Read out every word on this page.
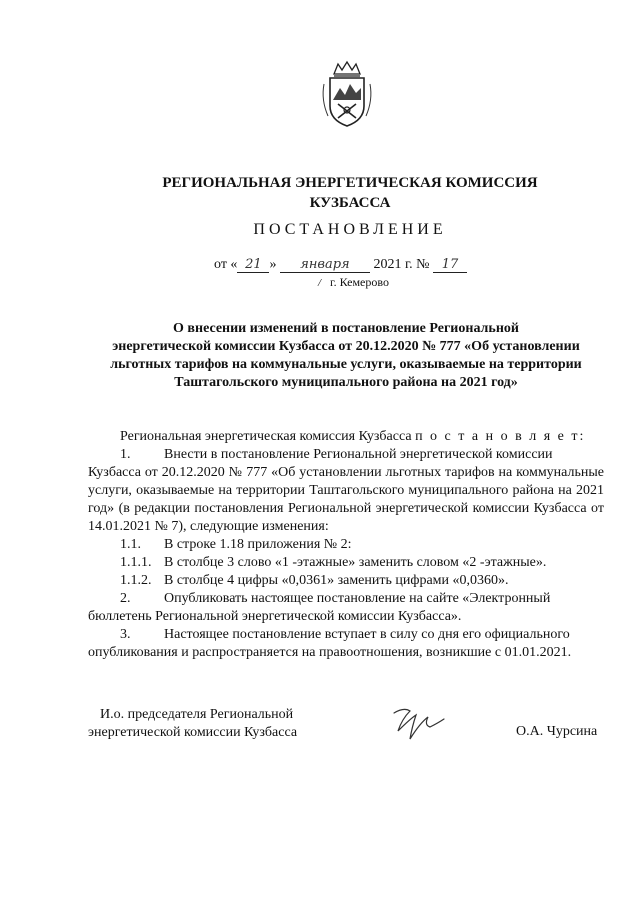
РЕГИОНАЛЬНАЯ ЭНЕРГЕТИЧЕСКАЯ КОМИССИЯ
КУЗБАССА
ПОСТАНОВЛЕНИЕ
от « 21 » января 2021 г. № 17
/ г. Кемерово
О внесении изменений в постановление Региональной
энергетической комиссии Кузбасса от 20.12.2020 № 777 «Об установлении
льготных тарифов на коммунальные услуги, оказываемые на территории
Таштагольского муниципального района на 2021 год»

Региональная энергетическая комиссия Кузбасса п о с т а н о в л я е т:

1.	Внести в постановление Региональной энергетической комиссии

Кузбасса от 20.12.2020 № 777 «Об установлении льготных тарифов на коммунальные услуги, оказываемые на территории Таштагольского муниципального района на 2021 год» (в редакции постановления Региональной энергетической комиссии Кузбасса от 14.01.2021 № 7), следующие изменения:

1.1.	В строке 1.18 приложения № 2:
1.1.1. В столбце 3 слово «1 -этажные» заменить словом «2 -этажные».
1.1.2. В столбце 4 цифры «0,0361» заменить цифрами «0,0360».
2.	Опубликовать настоящее постановление на сайте «Электронный

бюллетень Региональной энергетической комиссии Кузбасса».

3.	Настоящее постановление вступает в силу со дня его официального

опубликования и распространяется на правоотношения, возникшие с 01.01.2021.

И.о. председателя Региональной
энергетической комиссии Кузбасса	О.А. Чурсина
